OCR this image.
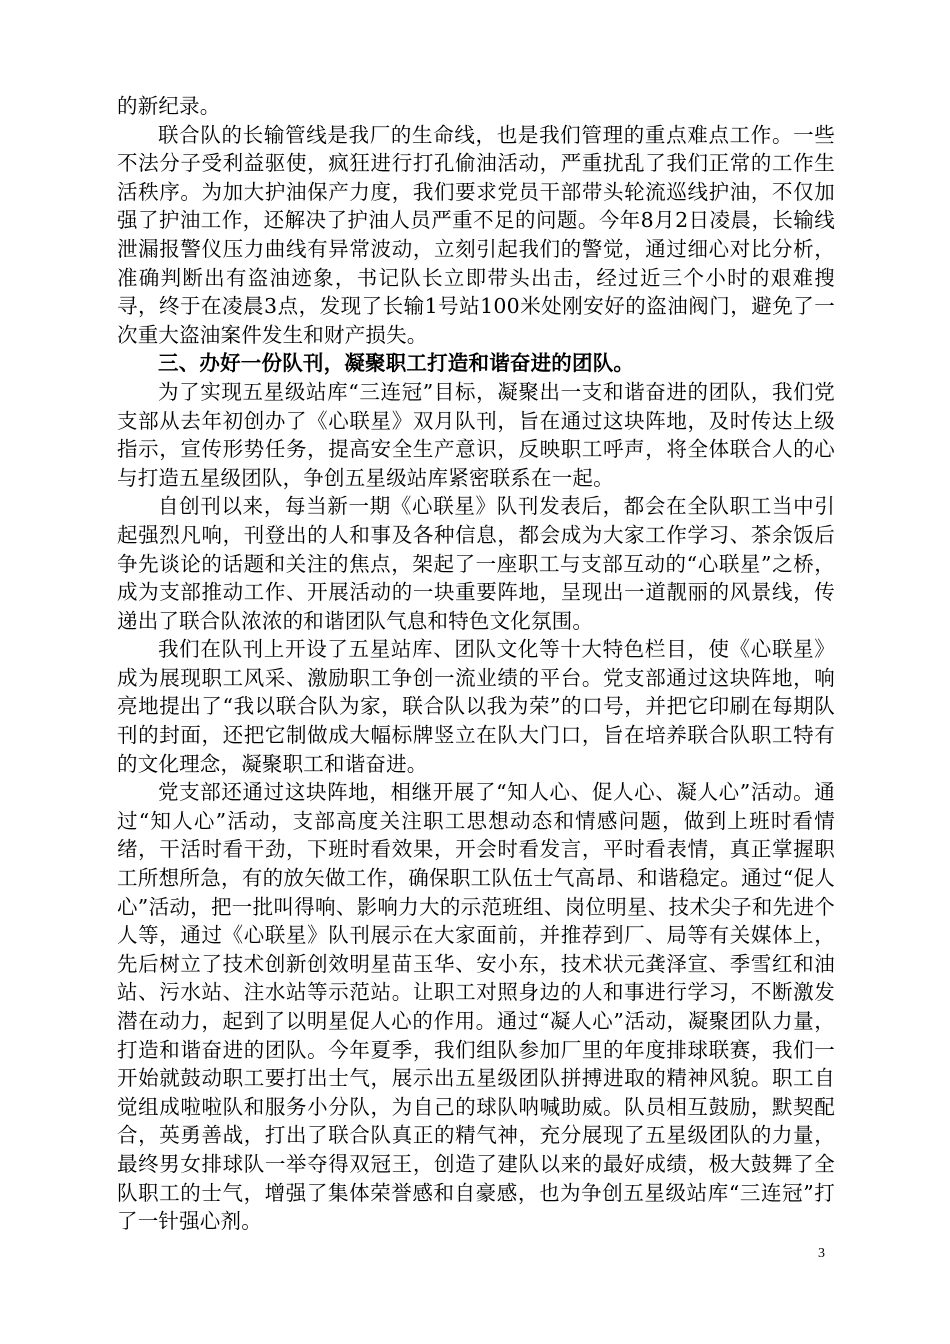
的新纪录。

联合队的长输管线是我厂的生命线，也是我们管理的重点难点工作。一些不法分子受利益驱使，疯狂进行打孔偷油活动，严重扰乱了我们正常的工作生活秩序。为加大护油保产力度，我们要求党员干部带头轮流巡线护油，不仅加强了护油工作，还解决了护油人员严重不足的问题。今年8月2日凌晨，长输线泄漏报警仪压力曲线有异常波动，立刻引起我们的警觉，通过细心对比分析，准确判断出有盗油迹象，书记队长立即带头出击，经过近三个小时的艰难搜寻，终于在凌晨3点，发现了长输1号站100米处刚安好的盗油阀门，避免了一次重大盗油案件发生和财产损失。

三、办好一份队刊，凝聚职工打造和谐奋进的团队。

为了实现五星级站库“三连冠”目标，凝聚出一支和谐奋进的团队，我们党支部从去年初创办了《心联星》双月队刊，旨在通过这块阵地，及时传达上级指示，宣传形势任务，提高安全生产意识，反映职工呼声，将全体联合人的心与打造五星级团队，争创五星级站库紧密联系在一起。

自创刊以来，每当新一期《心联星》队刊发表后，都会在全队职工当中引起强烈凡响，刊登出的人和事及各种信息，都会成为大家工作学习、茶余饭后争先谈论的话题和关注的焦点，架起了一座职工与支部互动的“心联星”之桥，成为支部推动工作、开展活动的一块重要阵地，呈现出一道靓丽的风景线，传递出了联合队浓浓的和谐团队气息和特色文化氛围。

我们在队刊上开设了五星站库、团队文化等十大特色栏目，使《心联星》成为展现职工风采、激励职工争创一流业绩的平台。党支部通过这块阵地，响亮地提出了“我以联合队为家，联合队以我为荣”的口号，并把它印刷在每期队刊的封面，还把它制做成大幅标牌竖立在队大门口，旨在培养联合队职工特有的文化理念，凝聚职工和谐奋进。

党支部还通过这块阵地，相继开展了“知人心、促人心、凝人心”活动。通过“知人心”活动，支部高度关注职工思想动态和情感问题，做到上班时看情绪，干活时看干劲，下班时看效果，开会时看发言，平时看表情，真正掌握职工所想所急，有的放矢做工作，确保职工队伍士气高昂、和谐稳定。通过“促人心”活动，把一批叫得响、影响力大的示范班组、岗位明星、技术尖子和先进个人等，通过《心联星》队刊展示在大家面前，并推荐到厂、局等有关媒体上，先后树立了技术创新创效明星苗玉华、安小东，技术状元龚泽宣、季雪红和油站、污水站、注水站等示范站。让职工对照身边的人和事进行学习，不断激发潜在动力，起到了以明星促人心的作用。通过“凝人心”活动，凝聚团队力量，打造和谐奋进的团队。今年夏季，我们组队参加厂里的年度排球联赛，我们一开始就鼓动职工要打出士气，展示出五星级团队拼搏进取的精神风貌。职工自觉组成啦啦队和服务小分队，为自己的球队呐喊助威。队员相互鼓励，默契配合，英勇善战，打出了联合队真正的精气神，充分展现了五星级团队的力量，最终男女排球队一举夺得双冠王，创造了建队以来的最好成绩，极大鼓舞了全队职工的士气，增强了集体荣誉感和自豪感，也为争创五星级站库“三连冠”打了一针强心剂。

3
